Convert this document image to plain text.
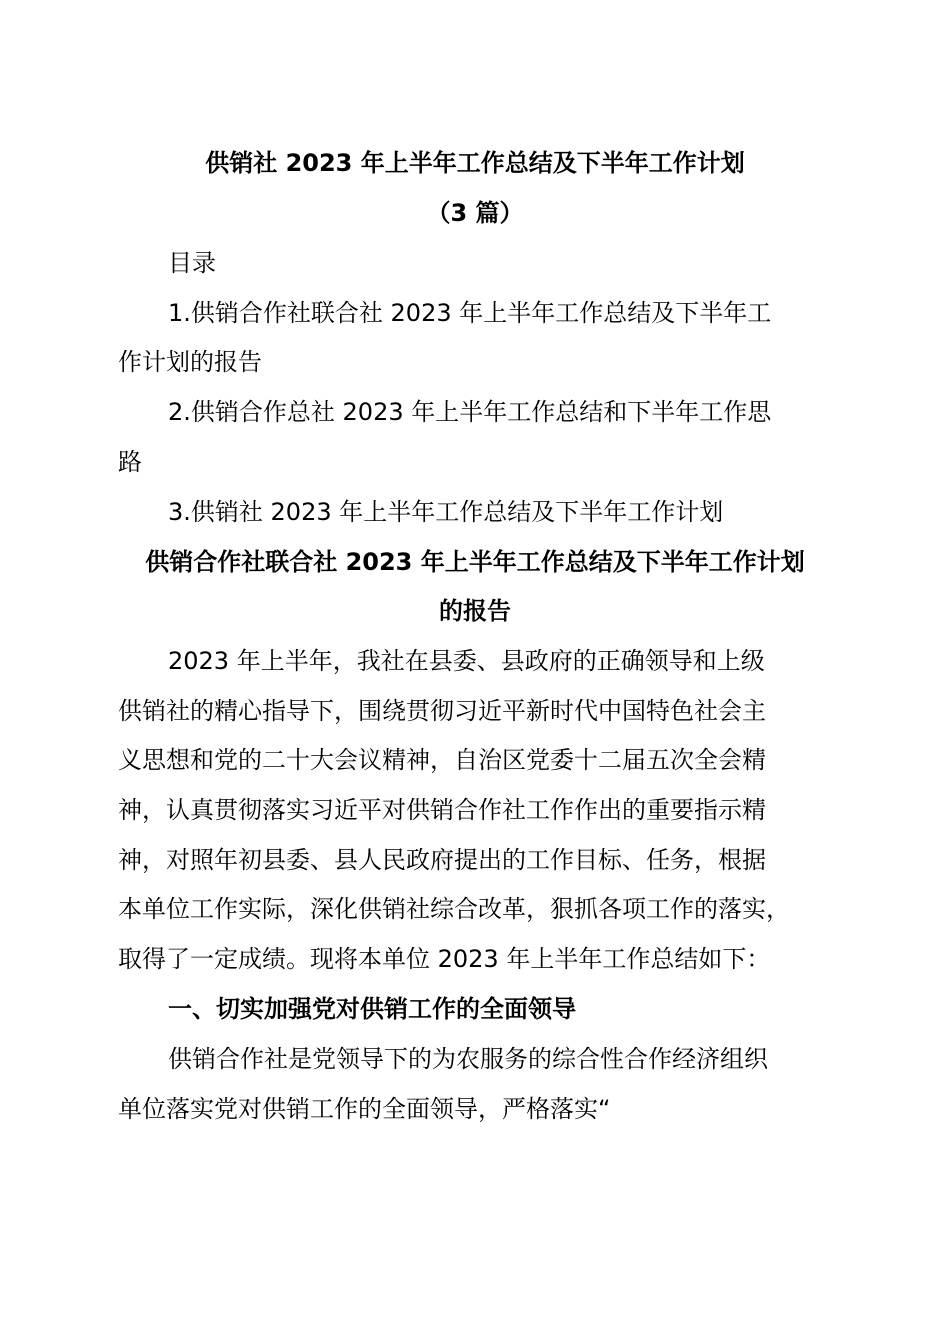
供销社 2023 年上半年工作总结及下半年工作计划
（3 篇）
目录
1.供销合作社联合社 2023 年上半年工作总结及下半年工
作计划的报告
2.供销合作总社 2023 年上半年工作总结和下半年工作思
路
3.供销社 2023 年上半年工作总结及下半年工作计划
供销合作社联合社 2023 年上半年工作总结及下半年工作计划
的报告
2023 年上半年，我社在县委、县政府的正确领导和上级
供销社的精心指导下，围绕贯彻习近平新时代中国特色社会主
义思想和党的二十大会议精神，自治区党委十二届五次全会精
神，认真贯彻落实习近平对供销合作社工作作出的重要指示精
神，对照年初县委、县人民政府提出的工作目标、任务，根据
本单位工作实际，深化供销社综合改革，狠抓各项工作的落实，
取得了一定成绩。现将本单位 2023 年上半年工作总结如下：
一、切实加强党对供销工作的全面领导
供销合作社是党领导下的为农服务的综合性合作经济组织
单位落实党对供销工作的全面领导，严格落实“
